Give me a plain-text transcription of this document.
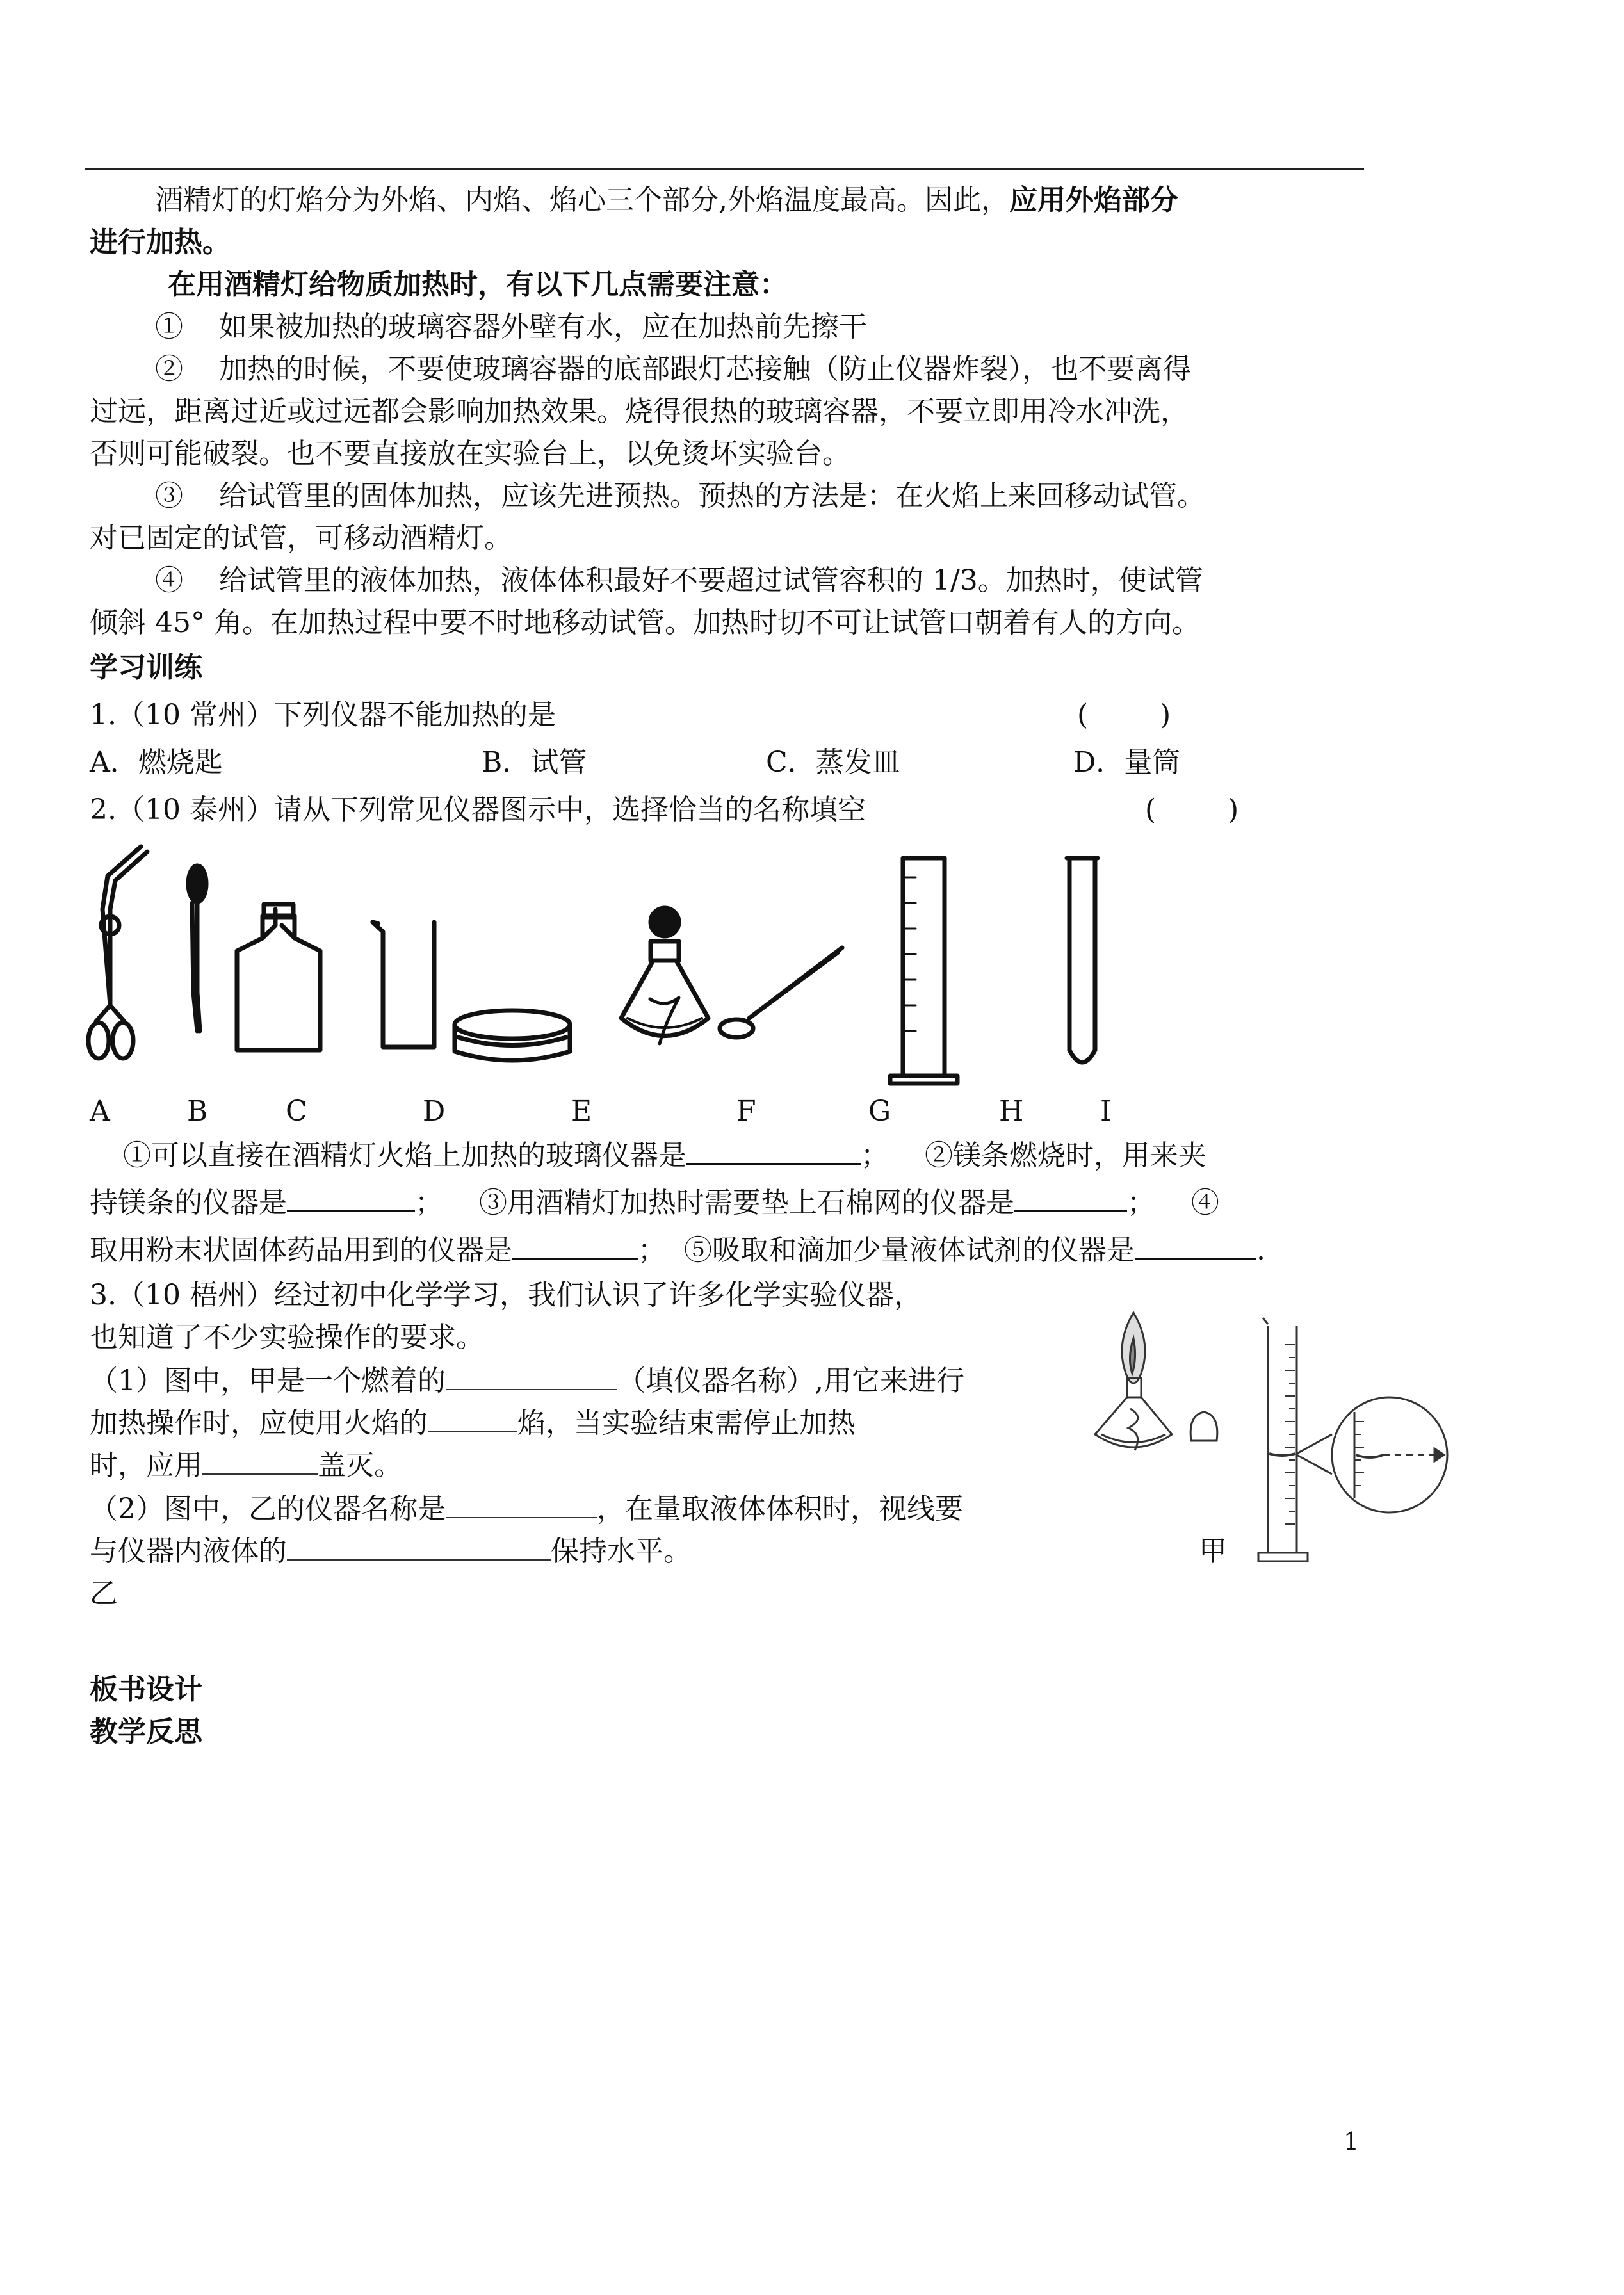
酒精灯的灯焰分为外焰、内焰、焰心三个部分,外焰温度最高。因此，应用外焰部分
进行加热。
在用酒精灯给物质加热时，有以下几点需要注意：
①    如果被加热的玻璃容器外壁有水，应在加热前先擦干
②    加热的时候，不要使玻璃容器的底部跟灯芯接触（防止仪器炸裂），也不要离得
过远，距离过近或过远都会影响加热效果。烧得很热的玻璃容器，不要立即用冷水冲洗，
否则可能破裂。也不要直接放在实验台上，以免烫坏实验台。
③    给试管里的固体加热，应该先进预热。预热的方法是：在火焰上来回移动试管。
对已固定的试管，可移动酒精灯。
④    给试管里的液体加热，液体体积最好不要超过试管容积的 1/3。加热时，使试管
倾斜 45° 角。在加热过程中要不时地移动试管。加热时切不可让试管口朝着有人的方向。
学习训练
1.（10 常州）下列仪器不能加热的是	(        )
A．燃烧匙	B．试管	C．蒸发皿	D．量筒
2.（10 泰州）请从下列常见仪器图示中，选择恰当的名称填空	(        )
A	B	C	D	E	F	G	H	I
①可以直接在酒精灯火焰上加热的玻璃仪器是	；    ②镁条燃烧时，用来夹
持镁条的仪器是	；    ③用酒精灯加热时需要垫上石棉网的仪器是	；    ④
取用粉末状固体药品用到的仪器是	；  ⑤吸取和滴加少量液体试剂的仪器是	.
3.（10 梧州）经过初中化学学习，我们认识了许多化学实验仪器，
也知道了不少实验操作的要求。
（1）图中，甲是一个燃着的	（填仪器名称）,用它来进行
加热操作时，应使用火焰的	焰，当实验结束需停止加热
时，应用	盖灭。
（2）图中，乙的仪器名称是	，在量取液体体积时，视线要
与仪器内液体的	保持水平。	甲
乙
板书设计
教学反思
1
